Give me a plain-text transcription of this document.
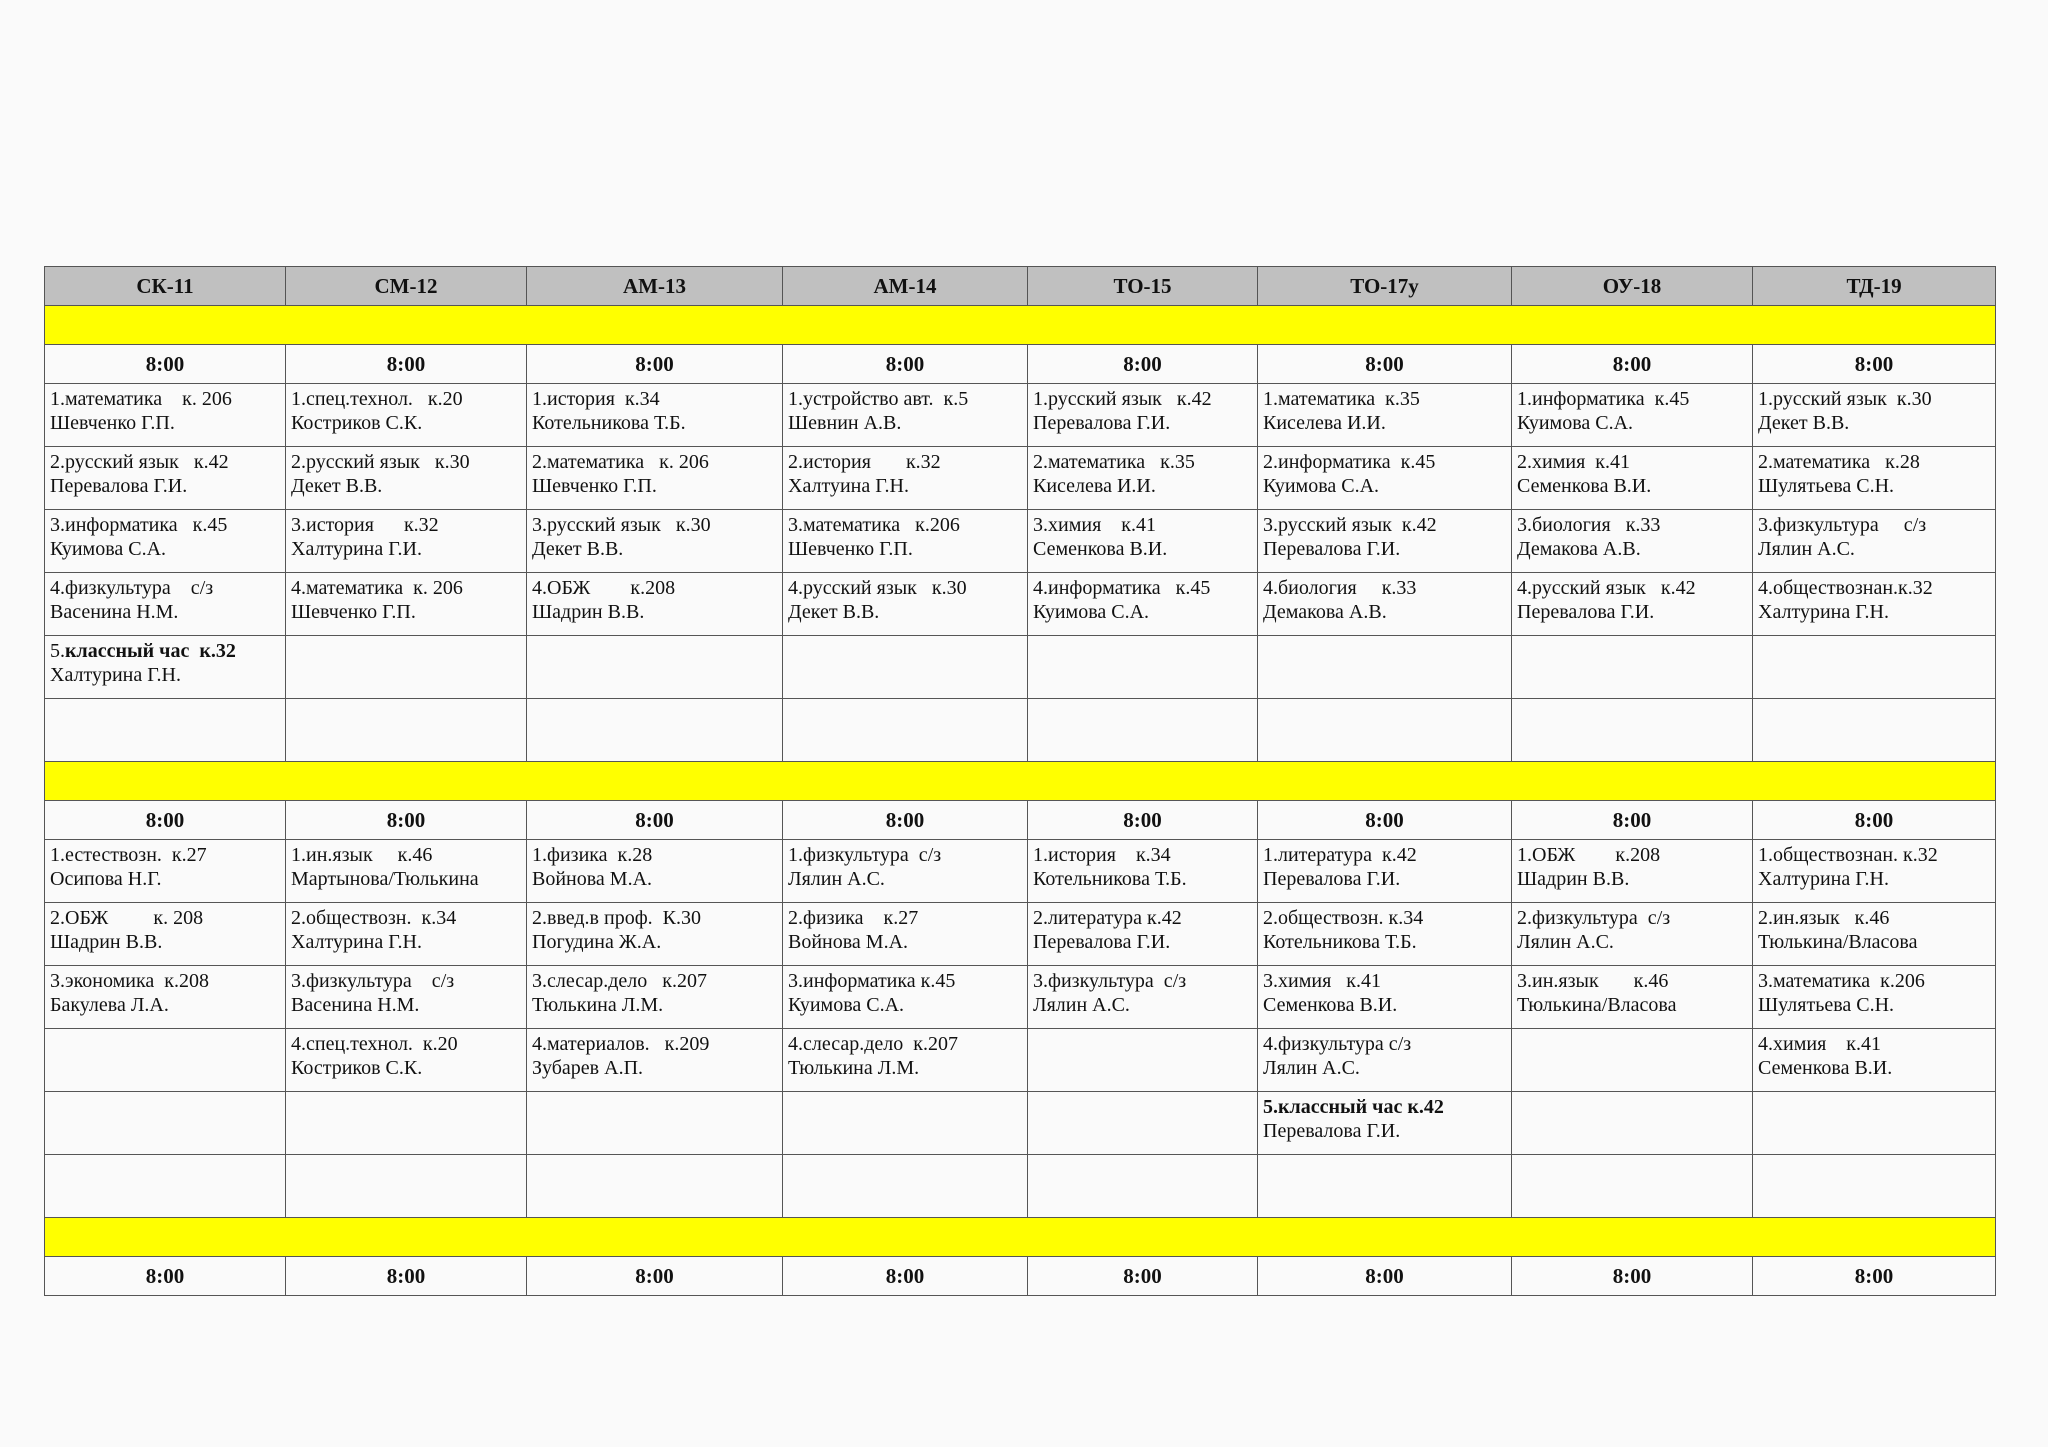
СК-11	СМ-12	АМ-13	АМ-14	ТО-15	ТО-17у	ОУ-18	ТД-19

8:00	8:00	8:00	8:00	8:00	8:00	8:00	8:00

1.математика    к. 206
Шевченко Г.П.	1.спец.технол.   к.20
Костриков С.К.	1.история  к.34
Котельникова Т.Б.	1.устройство авт.  к.5
Шевнин А.В.	1.русский язык   к.42
Перевалова Г.И.	1.математика  к.35
Киселева И.И.	1.информатика  к.45
Куимова С.А.	1.русский язык  к.30
Декет В.В.

2.русский язык   к.42
Перевалова Г.И.	2.русский язык   к.30
Декет В.В.	2.математика   к. 206
Шевченко Г.П.	2.история       к.32
Халтуина Г.Н.	2.математика   к.35
Киселева И.И.	2.информатика  к.45
Куимова С.А.	2.химия  к.41
Семенкова В.И.	2.математика   к.28
Шулятьева С.Н.

3.информатика   к.45
Куимова С.А.	3.история      к.32
Халтурина Г.И.	3.русский язык   к.30
Декет В.В.	3.математика   к.206
Шевченко Г.П.	3.химия    к.41
Семенкова В.И.	3.русский язык  к.42
Перевалова Г.И.	3.биология   к.33
Демакова А.В.	3.физкультура     с/з
Лялин А.С.

4.физкультура    с/з
Васенина Н.М.	4.математика  к. 206
Шевченко Г.П.	4.ОБЖ        к.208
Шадрин В.В.	4.русский язык   к.30
Декет В.В.	4.информатика   к.45
Куимова С.А.	4.биология     к.33
Демакова А.В.	4.русский язык   к.42
Перевалова Г.И.	4.обществознан.к.32
Халтурина Г.Н.

5.классный час  к.32
Халтурина Г.Н.							

8:00	8:00	8:00	8:00	8:00	8:00	8:00	8:00

1.естествозн.  к.27
Осипова Н.Г.	1.ин.язык     к.46
Мартынова/Тюлькина	1.физика  к.28
Войнова М.А.	1.физкультура  с/з
Лялин А.С.	1.история    к.34
Котельникова Т.Б.	1.литература  к.42
Перевалова Г.И.	1.ОБЖ        к.208
Шадрин В.В.	1.обществознан. к.32
Халтурина Г.Н.

2.ОБЖ         к. 208
Шадрин В.В.	2.обществозн.  к.34
Халтурина Г.Н.	2.введ.в проф.  К.30
Погудина Ж.А.	2.физика    к.27
Войнова М.А.	2.литература к.42
Перевалова Г.И.	2.обществозн. к.34
Котельникова Т.Б.	2.физкультура  с/з
Лялин А.С.	2.ин.язык   к.46
Тюлькина/Власова

3.экономика  к.208
Бакулева Л.А.	3.физкультура    с/з
Васенина Н.М.	3.слесар.дело   к.207
Тюлькина Л.М.	3.информатика к.45
Куимова С.А.	3.физкультура  с/з
Лялин А.С.	3.химия   к.41
Семенкова В.И.	3.ин.язык       к.46
Тюлькина/Власова	3.математика  к.206
Шулятьева С.Н.

	4.спец.технол.  к.20
Костриков С.К.	4.материалов.   к.209
Зубарев А.П.	4.слесар.дело  к.207
Тюлькина Л.М.		4.физкультура с/з
Лялин А.С.		4.химия    к.41
Семенкова В.И.

					5.классный час к.42
Перевалова Г.И.		

8:00	8:00	8:00	8:00	8:00	8:00	8:00	8:00
